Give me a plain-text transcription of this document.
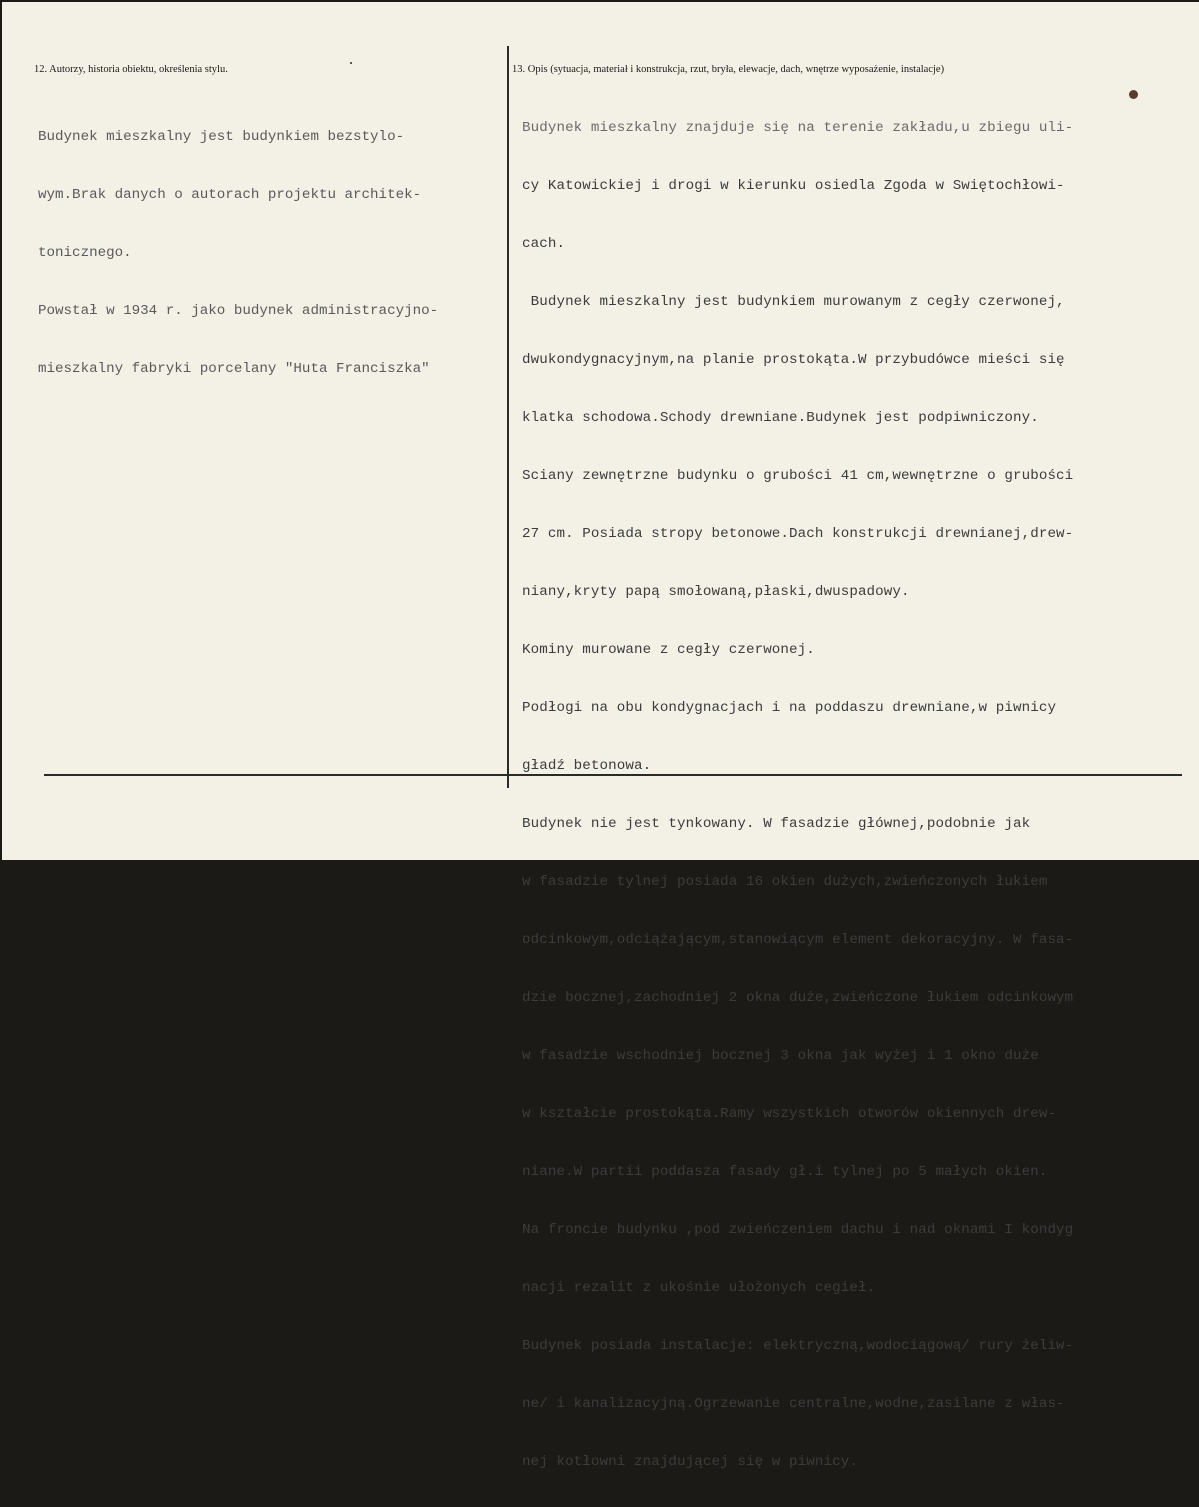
12. Autorzy, historia obiektu, określenia stylu.	13. Opis (sytuacja, materiał i konstrukcja, rzut, bryła, elewacje, dach, wnętrze wyposażenie, instalacje)

Budynek mieszkalny jest budynkiem bezstylo-

wym.Brak danych o autorach projektu architek-

tonicznego.

Powstał w 1934 r. jako budynek administracyjno-

mieszkalny fabryki porcelany "Huta Franciszka"

Budynek mieszkalny znajduje się na terenie zakładu,u zbiegu uli-

cy Katowickiej i drogi w kierunku osiedla Zgoda w Swiętochłowi-

cach.

Budynek mieszkalny jest budynkiem murowanym z cegły czerwonej,

dwukondygnacyjnym,na planie prostokąta.W przybudówce mieści się

klatka schodowa.Schody drewniane.Budynek jest podpiwniczony.

Sciany zewnętrzne budynku o grubości 41 cm,wewnętrzne o grubości

27 cm. Posiada stropy betonowe.Dach konstrukcji drewnianej,drew-

niany,kryty papą smołowaną,płaski,dwuspadowy.

Kominy murowane z cegły czerwonej.

Podłogi na obu kondygnacjach i na poddaszu drewniane,w piwnicy

gładź betonowa.

Budynek nie jest tynkowany. W fasadzie głównej,podobnie jak

w fasadzie tylnej posiada 16 okien dużych,zwieńczonych łukiem

odcinkowym,odciążającym,stanowiącym element dekoracyjny. W fasa-

dzie bocznej,zachodniej 2 okna duże,zwieńczone łukiem odcinkowym

w fasadzie wschodniej bocznej 3 okna jak wyżej i 1 okno duże

w kształcie prostokąta.Ramy wszystkich otworów okiennych drew-

niane.W partii poddasza fasady gł.i tylnej po 5 małych okien.

Na froncie budynku ,pod zwieńczeniem dachu i nad oknami I kondyg

nacji rezalit z ukośnie ułożonych cegieł.

Budynek posiada instalacje: elektryczną,wodociągową/ rury żeliw-

ne/ i kanalizacyjną.Ogrzewanie centralne,wodne,zasilane z włas-

nej kotłowni znajdującej się w piwnicy.
